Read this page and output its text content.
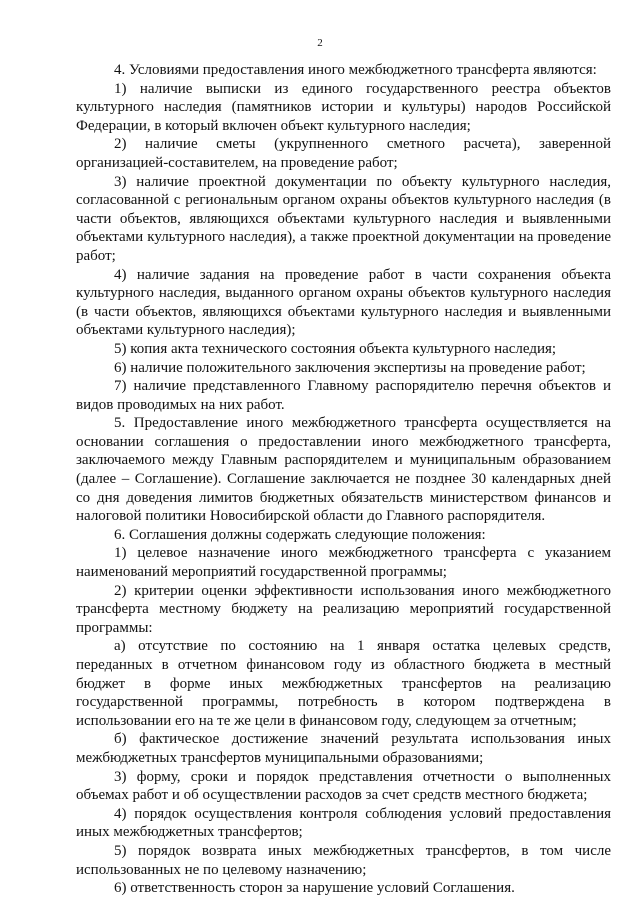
2

4. Условиями предоставления иного межбюджетного трансферта являются:

1) наличие выписки из единого государственного реестра объектов культурного наследия (памятников истории и культуры) народов Российской Федерации, в который включен объект культурного наследия;

2) наличие сметы (укрупненного сметного расчета), заверенной организацией-составителем, на проведение работ;

3) наличие проектной документации по объекту культурного наследия, согласованной с региональным органом охраны объектов культурного наследия (в части объектов, являющихся объектами культурного наследия и выявленными объектами культурного наследия), а также проектной документации на проведение работ;

4) наличие задания на проведение работ в части сохранения объекта культурного наследия, выданного органом охраны объектов культурного наследия (в части объектов, являющихся объектами культурного наследия и выявленными объектами культурного наследия);

5) копия акта технического состояния объекта культурного наследия;

6) наличие положительного заключения экспертизы на проведение работ;

7) наличие представленного Главному распорядителю перечня объектов и видов проводимых на них работ.

5. Предоставление иного межбюджетного трансферта осуществляется на основании соглашения о предоставлении иного межбюджетного трансферта, заключаемого между Главным распорядителем и муниципальным образованием (далее – Соглашение). Соглашение заключается не позднее 30 календарных дней со дня доведения лимитов бюджетных обязательств министерством финансов и налоговой политики Новосибирской области до Главного распорядителя.

6. Соглашения должны содержать следующие положения:

1) целевое назначение иного межбюджетного трансферта с указанием наименований мероприятий государственной программы;

2) критерии оценки эффективности использования иного межбюджетного трансферта местному бюджету на реализацию мероприятий государственной программы:

а) отсутствие по состоянию на 1 января остатка целевых средств, переданных в отчетном финансовом году из областного бюджета в местный бюджет в форме иных межбюджетных трансфертов на реализацию государственной программы, потребность в котором подтверждена в использовании его на те же цели в финансовом году, следующем за отчетным;

б) фактическое достижение значений результата использования иных межбюджетных трансфертов муниципальными образованиями;

3) форму, сроки и порядок представления отчетности о выполненных объемах работ и об осуществлении расходов за счет средств местного бюджета;

4) порядок осуществления контроля соблюдения условий предоставления иных межбюджетных трансфертов;

5) порядок возврата иных межбюджетных трансфертов, в том числе использованных не по целевому назначению;

6) ответственность сторон за нарушение условий Соглашения.
